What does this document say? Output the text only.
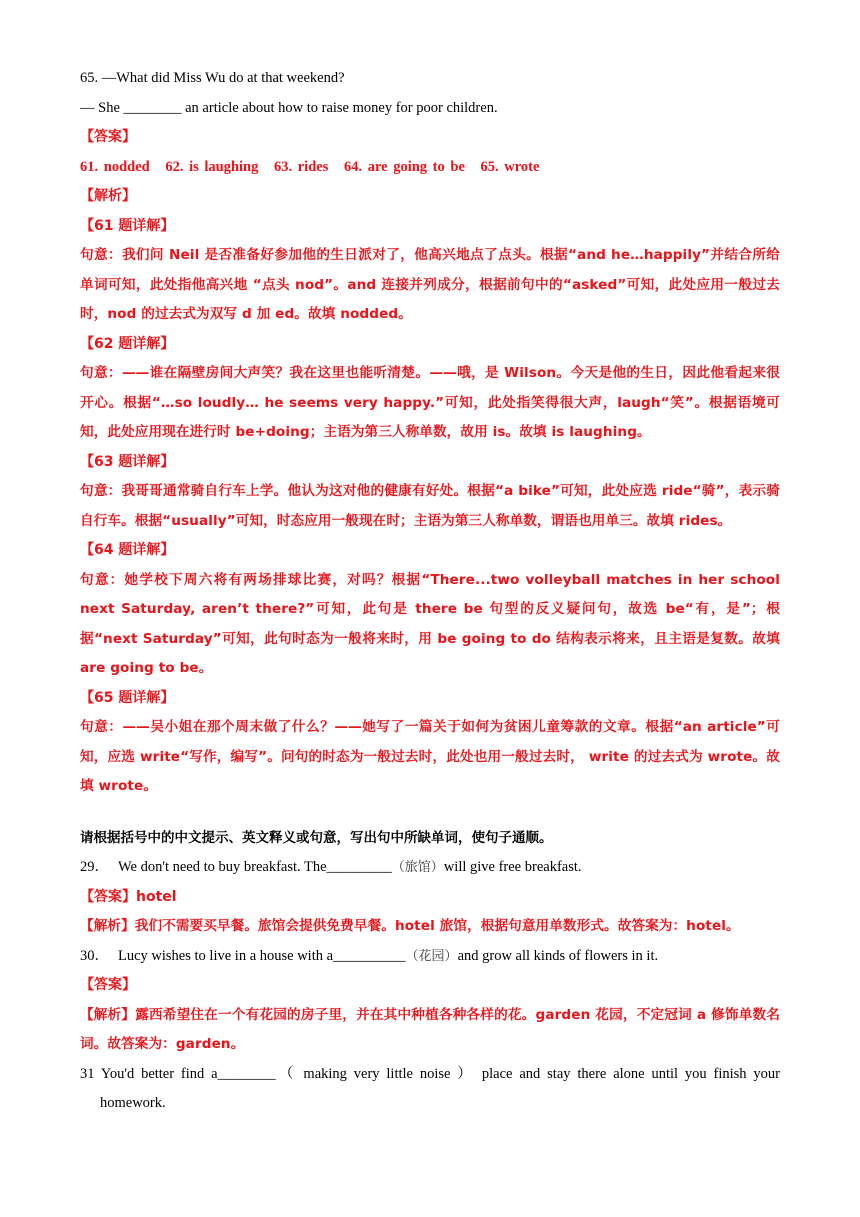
65. —What did Miss Wu do at that weekend?
— She ________ an article about how to raise money for poor children.
【答案】
61. nodded 62. is laughing 63. rides 64. are going to be 65. wrote
【解析】
【61 题详解】
句意：我们问 Neil 是否准备好参加他的生日派对了，他高兴地点了点头。根据“and he…happily”并结合所给单词可知，此处指他高兴地 “点头 nod”。and 连接并列成分，根据前句中的“asked”可知，此处应用一般过去时，nod 的过去式为双写 d 加 ed。故填 nodded。
【62 题详解】
句意：——谁在隔壁房间大声笑？我在这里也能听清楚。——哦，是 Wilson。今天是他的生日，因此他看起来很开心。根据“…so loudly… he seems very happy.”可知，此处指笑得很大声，laugh“笑”。根据语境可知，此处应用现在进行时 be+doing；主语为第三人称单数，故用 is。故填 is laughing。
【63 题详解】
句意：我哥哥通常骑自行车上学。他认为这对他的健康有好处。根据“a bike”可知，此处应选 ride“骑”，表示骑自行车。根据“usually”可知，时态应用一般现在时；主语为第三人称单数，谓语也用单三。故填 rides。
【64 题详解】
句意：她学校下周六将有两场排球比赛，对吗？根据“There...two volleyball matches in her school next Saturday, aren’t there?”可知，此句是 there be 句型的反义疑问句，故选 be“有，是”；根据“next Saturday”可知，此句时态为一般将来时，用 be going to do 结构表示将来，且主语是复数。故填 are going to be。
【65 题详解】
句意：——吴小姐在那个周末做了什么？——她写了一篇关于如何为贫困儿童筹款的文章。根据“an article”可知，应选 write“写作，编写”。问句的时态为一般过去时，此处也用一般过去时， write 的过去式为 wrote。故填 wrote。
请根据括号中的中文提示、英文释义或句意，写出句中所缺单词，使句子通顺。
29． We don't need to buy breakfast. The_________（旅馆）will give free breakfast.
【答案】hotel
【解析】我们不需要买早餐。旅馆会提供免费早餐。hotel 旅馆，根据句意用单数形式。故答案为：hotel。
30． Lucy wishes to live in a house with a__________（花园）and grow all kinds of flowers in it.
【答案】
【解析】露西希望住在一个有花园的房子里，并在其中种植各种各样的花。garden 花园，不定冠词 a 修饰单数名词。故答案为：garden。
31 You'd better find a________（ making very little noise ） place and stay there alone until you finish your homework.
